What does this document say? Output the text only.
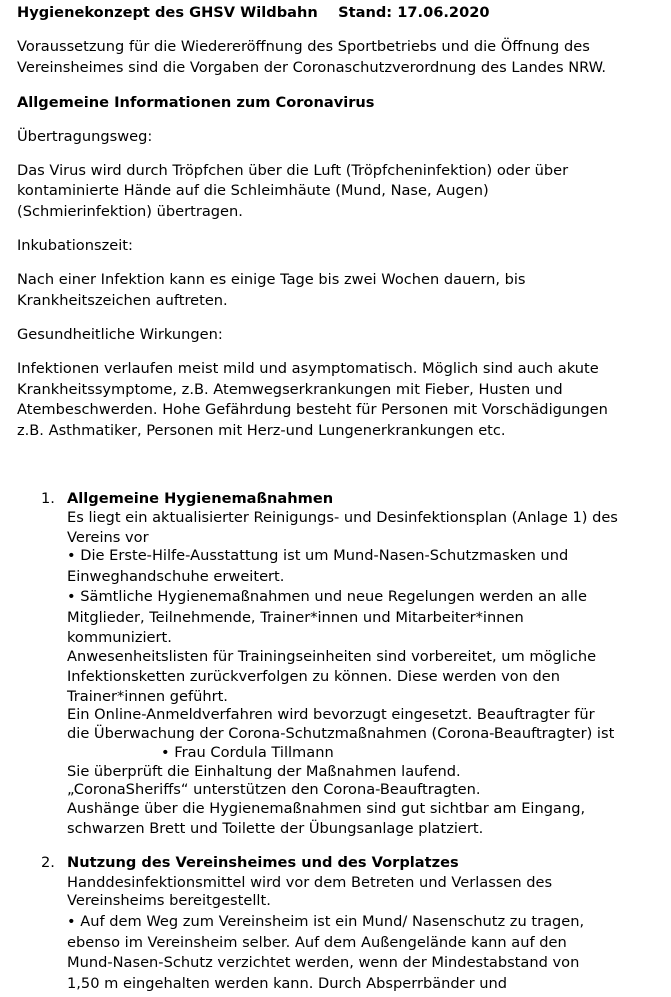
Hygienekonzept des GHSV Wildbahn Stand: 17.06.2020
Voraussetzung für die Wiedereröffnung des Sportbetriebs und die Öffnung des
Vereinsheimes sind die Vorgaben der Coronaschutzverordnung des Landes NRW.
Allgemeine Informationen zum Coronavirus
Übertragungsweg:
Das Virus wird durch Tröpfchen über die Luft (Tröpfcheninfektion) oder über
kontaminierte Hände auf die Schleimhäute (Mund, Nase, Augen)
(Schmierinfektion) übertragen.
Inkubationszeit:
Nach einer Infektion kann es einige Tage bis zwei Wochen dauern, bis
Krankheitszeichen auftreten.
Gesundheitliche Wirkungen:
Infektionen verlaufen meist mild und asymptomatisch. Möglich sind auch akute
Krankheitssymptome, z.B. Atemwegserkrankungen mit Fieber, Husten und
Atembeschwerden. Hohe Gefährdung besteht für Personen mit Vorschädigungen
z.B. Asthmatiker, Personen mit Herz-und Lungenerkrankungen etc.
1. Allgemeine Hygienemaßnahmen
Es liegt ein aktualisierter Reinigungs- und Desinfektionsplan (Anlage 1) des
Vereins vor
• Die Erste-Hilfe-Ausstattung ist um Mund-Nasen-Schutzmasken und
Einweghandschuhe erweitert.
• Sämtliche Hygienemaßnahmen und neue Regelungen werden an alle
Mitglieder, Teilnehmende, Trainer*innen und Mitarbeiter*innen
kommuniziert.
Anwesenheitslisten für Trainingseinheiten sind vorbereitet, um mögliche
Infektionsketten zurückverfolgen zu können. Diese werden von den
Trainer*innen geführt.
Ein Online-Anmeldverfahren wird bevorzugt eingesetzt. Beauftragter für
die Überwachung der Corona-Schutzmaßnahmen (Corona-Beauftragter) ist
• Frau Cordula Tillmann
Sie überprüft die Einhaltung der Maßnahmen laufend.
„CoronaSheriffs“ unterstützen den Corona-Beauftragten.
Aushänge über die Hygienemaßnahmen sind gut sichtbar am Eingang,
schwarzen Brett und Toilette der Übungsanlage platziert.
2. Nutzung des Vereinsheimes und des Vorplatzes
Handdesinfektionsmittel wird vor dem Betreten und Verlassen des
Vereinsheims bereitgestellt.
• Auf dem Weg zum Vereinsheim ist ein Mund/ Nasenschutz zu tragen,
ebenso im Vereinsheim selber. Auf dem Außengelände kann auf den
Mund-Nasen-Schutz verzichtet werden, wenn der Mindestabstand von
1,50 m eingehalten werden kann. Durch Absperrbänder und
